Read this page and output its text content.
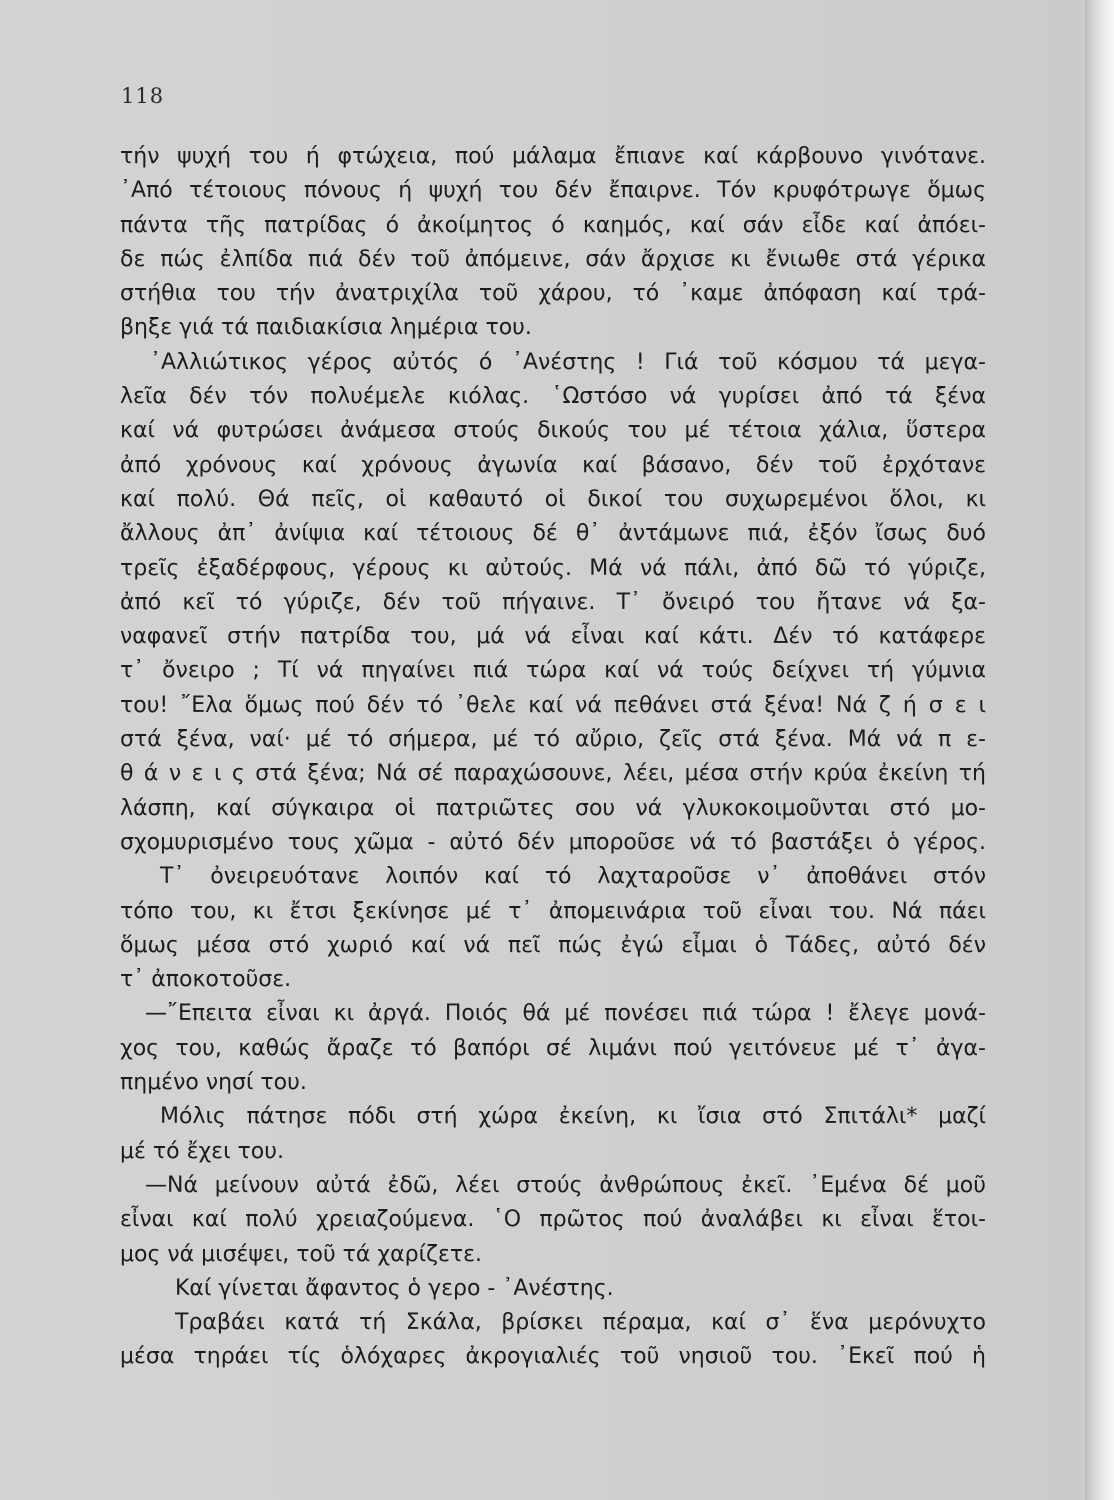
118
τήν ψυχή του ή φτώχεια, πού μάλαμα ἔπιανε καί κάρβουνο γινότανε.
᾿Από τέτοιους πόνους ή ψυχή του δέν ἔπαιρνε. Τόν κρυφότρωγε ὅμως
πάντα τῆς πατρίδας ό ἀκοίμητος ό καημός, καί σάν εἶδε καί ἀπόει-
δε πώς ἐλπίδα πιά δέν τοῦ ἀπόμεινε, σάν ἄρχισε κι ἔνιωθε στά γέρικα
στήθια του τήν ἀνατριχίλα τοῦ χάρου, τό ᾿καμε ἀπόφαση καί τρά-
βηξε γιά τά παιδιακίσια λημέρια του.
᾿Αλλιώτικος γέρος αὐτός ό ᾿Ανέστης ! Γιά τοῦ κόσμου τά μεγα-
λεῖα δέν τόν πολυέμελε κιόλας. ῾Ωστόσο νά γυρίσει ἀπό τά ξένα
καί νά φυτρώσει ἀνάμεσα στούς δικούς του μέ τέτοια χάλια, ὕστερα
ἀπό χρόνους καί χρόνους ἀγωνία καί βάσανο, δέν τοῦ ἐρχότανε
καί πολύ. Θά πεῖς, οἱ καθαυτό οἱ δικοί του συχωρεμένοι ὅλοι, κι
ἄλλους ἀπ᾿ ἀνίψια καί τέτοιους δέ θ᾿ ἀντάμωνε πιά, ἐξόν ἴσως δυό
τρεῖς ἐξαδέρφους, γέρους κι αὐτούς. Μά νά πάλι, ἀπό δῶ τό γύριζε,
ἀπό κεῖ τό γύριζε, δέν τοῦ πήγαινε. Τ᾿ ὄνειρό του ἤτανε νά ξα-
ναφανεῖ στήν πατρίδα του, μά νά εἶναι καί κάτι. Δέν τό κατάφερε
τ᾿ ὄνειρο ; Τί νά πηγαίνει πιά τώρα καί νά τούς δείχνει τή γύμνια
του! ῎Ελα ὅμως πού δέν τό ᾿θελε καί νά πεθάνει στά ξένα! Νά ζ ή σ ε ι
στά ξένα, ναί· μέ τό σήμερα, μέ τό αὔριο, ζεῖς στά ξένα. Μά νά π ε-
θ ά ν ε ι ς στά ξένα; Νά σέ παραχώσουνε, λέει, μέσα στήν κρύα ἐκείνη τή
λάσπη, καί σύγκαιρα οἱ πατριῶτες σου νά γλυκοκοιμοῦνται στό μο-
σχομυρισμένο τους χῶμα - αὐτό δέν μποροῦσε νά τό βαστάξει ὁ γέρος.
Τ᾿ ὀνειρευότανε λοιπόν καί τό λαχταροῦσε ν᾿ ἀποθάνει στόν
τόπο του, κι ἔτσι ξεκίνησε μέ τ᾿ ἀπομεινάρια τοῦ εἶναι του. Νά πάει
ὅμως μέσα στό χωριό καί νά πεῖ πώς ἐγώ εἶμαι ὁ Τάδες, αὐτό δέν
τ᾿ ἀποκοτοῦσε.
—῎Επειτα εἶναι κι ἀργά. Ποιός θά μέ πονέσει πιά τώρα ! ἔλεγε μονά-
χος του, καθώς ἄραζε τό βαπόρι σέ λιμάνι πού γειτόνευε μέ τ᾿ ἀγα-
πημένο νησί του.
Μόλις πάτησε πόδι στή χώρα ἐκείνη, κι ἴσια στό Σπιτάλι* μαζί
μέ τό ἔχει του.
—Νά μείνουν αὐτά ἐδῶ, λέει στούς ἀνθρώπους ἐκεῖ. ᾿Εμένα δέ μοῦ
εἶναι καί πολύ χρειαζούμενα. ῾Ο πρῶτος πού ἀναλάβει κι εἶναι ἕτοι-
μος νά μισέψει, τοῦ τά χαρίζετε.
Καί γίνεται ἄφαντος ὁ γερο - ᾿Ανέστης.
Τραβάει κατά τή Σκάλα, βρίσκει πέραμα, καί σ᾿ ἕνα μερόνυχτο
μέσα τηράει τίς ὁλόχαρες ἀκρογιαλιές τοῦ νησιοῦ του. ᾿Εκεῖ πού ἡ
